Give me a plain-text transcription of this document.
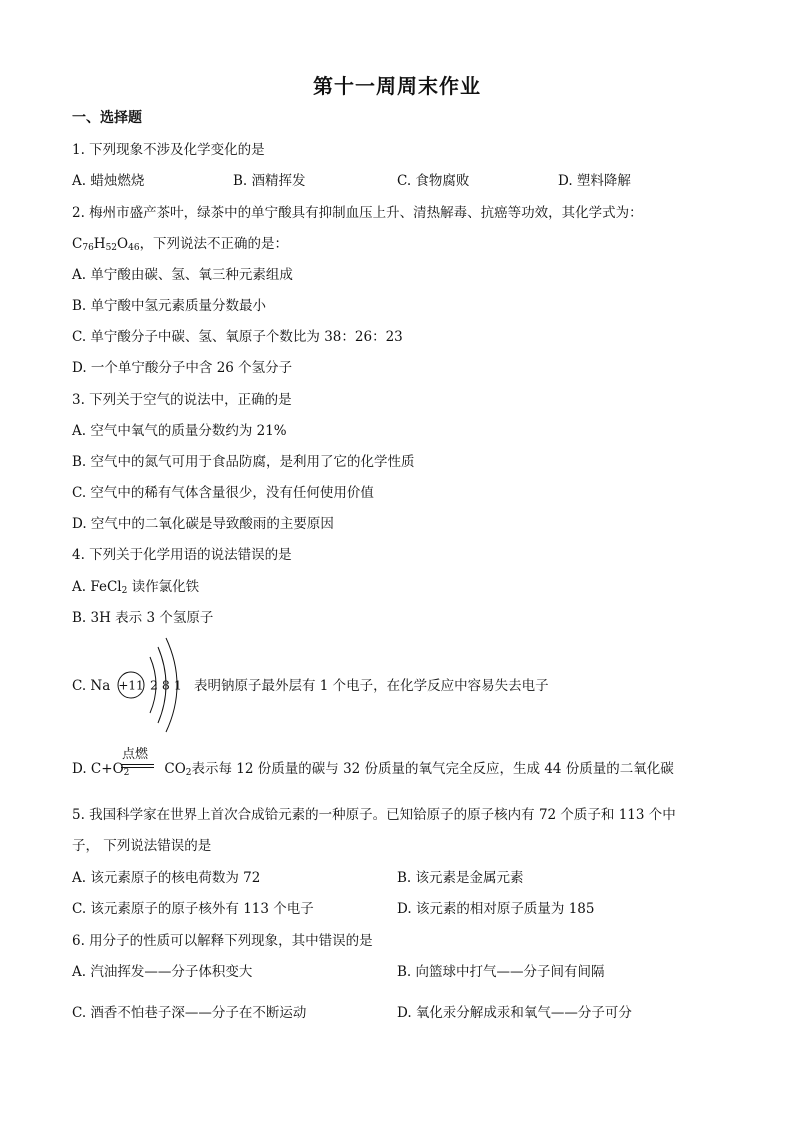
第十一周周末作业
一、选择题
1. 下列现象不涉及化学变化的是
A. 蜡烛燃烧	B. 酒精挥发	C. 食物腐败	D. 塑料降解
2. 梅州市盛产茶叶，绿茶中的单宁酸具有抑制血压上升、清热解毒、抗癌等功效，其化学式为：
$C_{76}H_{52}O_{46}$，下列说法不正确的是：
A. 单宁酸由碳、氢、氧三种元素组成
B. 单宁酸中氢元素质量分数最小
C. 单宁酸分子中碳、氢、氧原子个数比为 38：26：23
D. 一个单宁酸分子中含 26 个氢分子
3. 下列关于空气的说法中，正确的是
A. 空气中氧气的质量分数约为 21%
B. 空气中的氮气可用于食品防腐，是利用了它的化学性质
C. 空气中的稀有气体含量很少，没有任何使用价值
D. 空气中的二氧化碳是导致酸雨的主要原因
4. 下列关于化学用语的说法错误的是
A. FeCl$_2$ 读作氯化铁
B. 3H 表示 3 个氢原子
C. Na +11 2 8 1 表明钠原子最外层有 1 个电子，在化学反应中容易失去电子
D. $C+O_2$	$CO_2$表示每 12 份质量的碳与 32 份质量的氧气完全反应，生成 44 份质量的二氧化碳
点燃
5. 我国科学家在世界上首次合成铪元素的一种原子。已知铪原子的原子核内有 72 个质子和 113 个中
子， 下列说法错误的是
A. 该元素原子的核电荷数为 72	B. 该元素是金属元素
C. 该元素原子的原子核外有 113 个电子	D. 该元素的相对原子质量为 185
6. 用分子的性质可以解释下列现象，其中错误的是
A. 汽油挥发——分子体积变大	B. 向篮球中打气——分子间有间隔
C. 酒香不怕巷子深——分子在不断运动	D. 氧化汞分解成汞和氧气——分子可分
